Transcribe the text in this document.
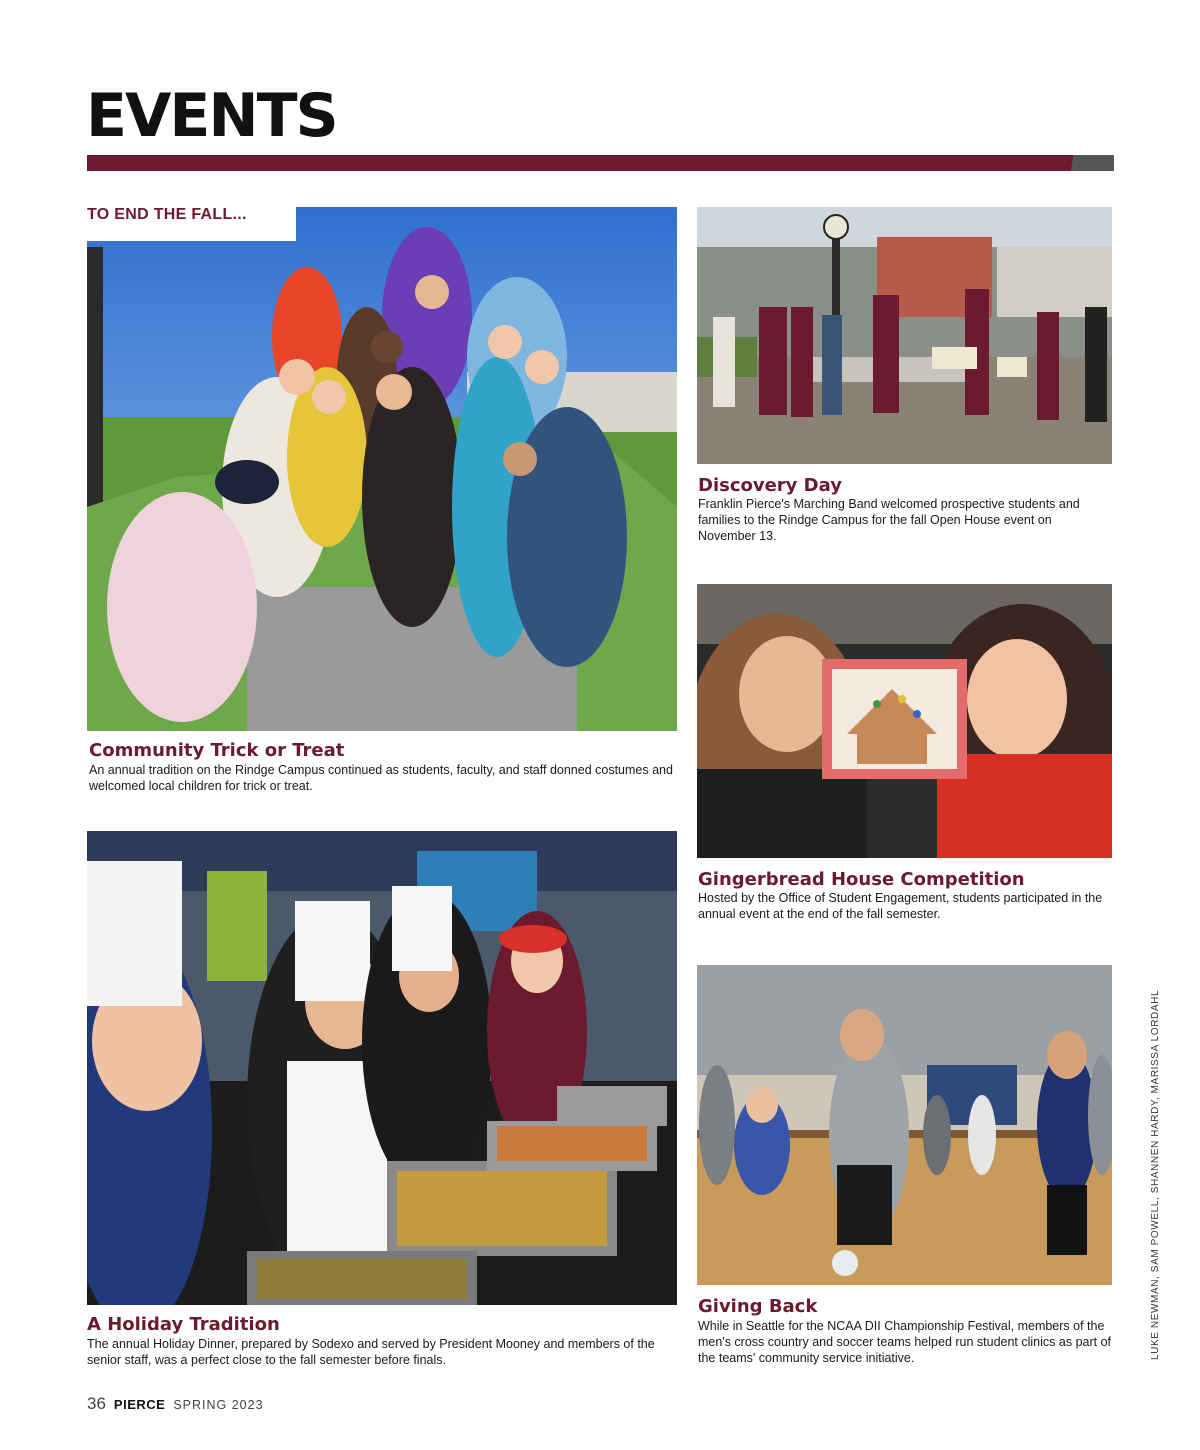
EVENTS
TO END THE FALL...
Community Trick or Treat

An annual tradition on the Rindge Campus continued as students, faculty, and staff donned costumes and welcomed local children for trick or treat.

Discovery Day

Franklin Pierce's Marching Band welcomed prospective students and families to the Rindge Campus for the fall Open House event on November 13.

Gingerbread House Competition

Hosted by the Office of Student Engagement, students participated in the annual event at the end of the fall semester.

A Holiday Tradition

The annual Holiday Dinner, prepared by Sodexo and served by President Mooney and members of the senior staff, was a perfect close to the fall semester before finals.

Giving Back

While in Seattle for the NCAA DII Championship Festival, members of the men's cross country and soccer teams helped run student clinics as part of the teams' community service initiative.	LUKE NEWMAN, SAM POWELL, SHANNEN HARDY, MARISSA LORDAHL
36 PIERCE SPRING 2023
